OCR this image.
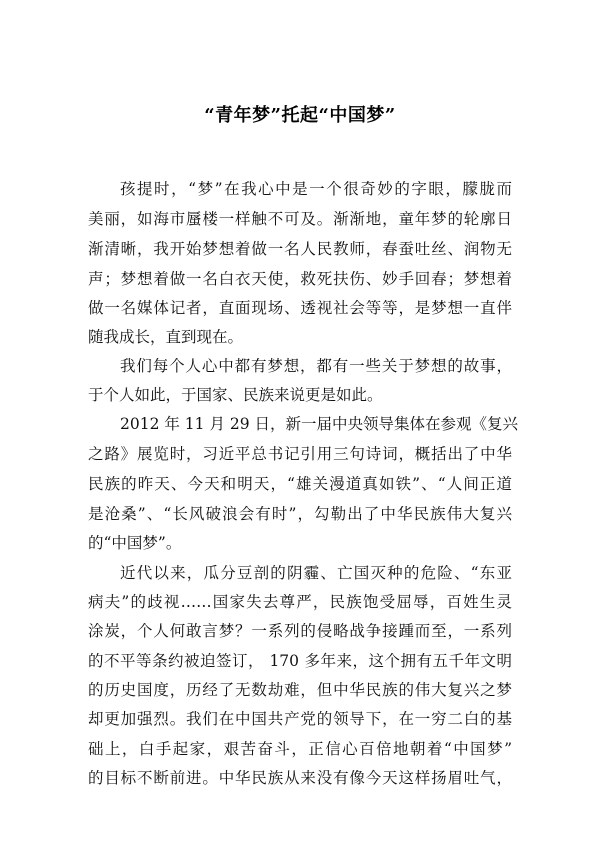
“青年梦”托起“中国梦”
孩提时，“梦”在我心中是一个很奇妙的字眼，朦胧而
美丽，如海市蜃楼一样触不可及。渐渐地，童年梦的轮廓日
渐清晰，我开始梦想着做一名人民教师，春蚕吐丝、润物无
声；梦想着做一名白衣天使，救死扶伤、妙手回春；梦想着
做一名媒体记者，直面现场、透视社会等等，是梦想一直伴
随我成长，直到现在。
我们每个人心中都有梦想，都有一些关于梦想的故事，
于个人如此，于国家、民族来说更是如此。
2012 年 11 月 29 日，新一届中央领导集体在参观《复兴
之路》展览时，习近平总书记引用三句诗词，概括出了中华
民族的昨天、今天和明天，“雄关漫道真如铁”、“人间正道
是沧桑”、“长风破浪会有时”，勾勒出了中华民族伟大复兴
的“中国梦”。
近代以来，瓜分豆剖的阴霾、亡国灭种的危险、“东亚
病夫”的歧视……国家失去尊严，民族饱受屈辱，百姓生灵
涂炭，个人何敢言梦？一系列的侵略战争接踵而至，一系列
的不平等条约被迫签订， 170 多年来，这个拥有五千年文明
的历史国度，历经了无数劫难，但中华民族的伟大复兴之梦
却更加强烈。我们在中国共产党的领导下，在一穷二白的基
础上，白手起家，艰苦奋斗，正信心百倍地朝着“中国梦”
的目标不断前进。中华民族从来没有像今天这样扬眉吐气，
